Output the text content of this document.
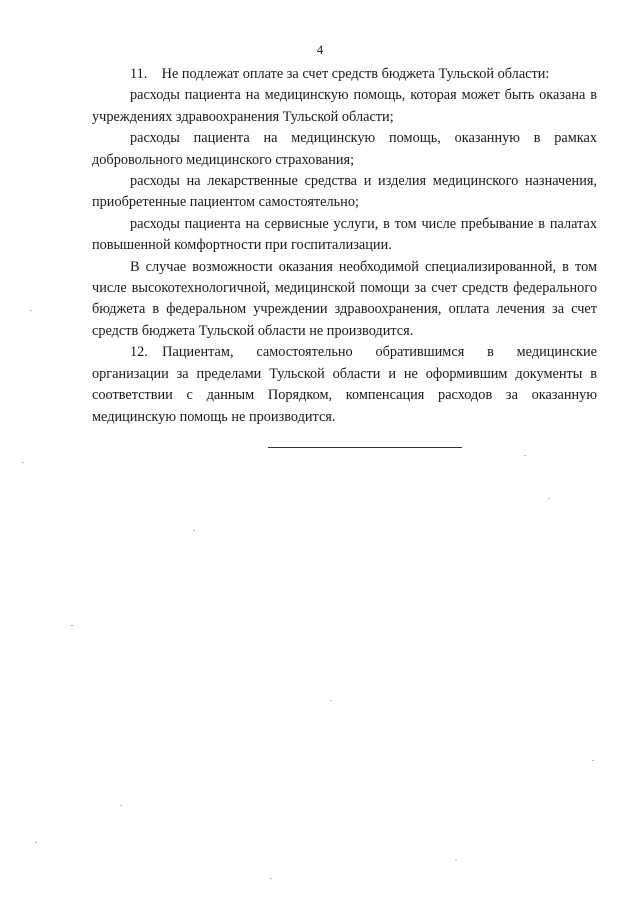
4

11. Не подлежат оплате за счет средств бюджета Тульской области:

расходы пациента на медицинскую помощь, которая может быть оказана в учреждениях здравоохранения Тульской области;

расходы пациента на медицинскую помощь, оказанную в рамках добровольного медицинского страхования;

расходы на лекарственные средства и изделия медицинского назначения, приобретенные пациентом самостоятельно;

расходы пациента на сервисные услуги, в том числе пребывание в палатах повышенной комфортности при госпитализации.

В случае возможности оказания необходимой специализированной, в том числе высокотехнологичной, медицинской помощи за счет средств федерального бюджета в федеральном учреждении здравоохранения, оплата лечения за счет средств бюджета Тульской области не производится.

12. Пациентам, самостоятельно обратившимся в медицинские организации за пределами Тульской области и не оформившим документы в соответствии с данным Порядком, компенсация расходов за оказанную медицинскую помощь не производится.
